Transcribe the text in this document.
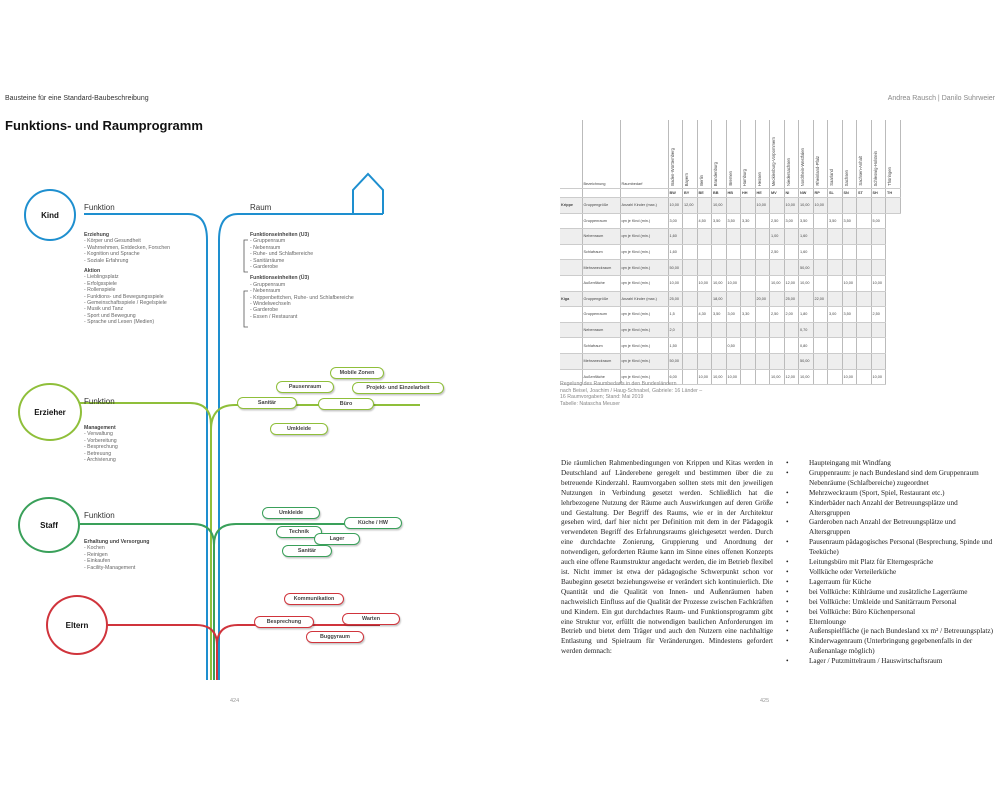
Bausteine für eine Standard-Baubeschreibung	Andrea Rausch | Danilo Suhrweier
Funktions- und Raumprogramm
Kind
Erzieher
Staff
Eltern
Funktion	Raum
Funktion
Funktion
Erziehung
- Körper und Gesundheit
- Wahrnehmen, Entdecken, Forschen
- Kognition und Sprache
- Soziale Erfahrung
Aktion
- Lieblingsplatz
- Erfolgsspiele
- Rollenspiele
- Funktions- und Bewegungsspiele
- Gemeinschaftsspiele / Regelspiele
- Musik und Tanz
- Sport und Bewegung
- Sprache und Lesen (Medien)
Funktionseinheiten (U3)
- Gruppenraum
- Nebenraum
- Ruhe- und Schlafbereiche
- Sanitärräume
- Garderobe
Funktionseinheiten (Ü3)
- Gruppenraum
- Nebenraum
- Krippenbettchen, Ruhe- und Schlafbereiche
- Windelwechseln
- Garderobe
- Essen / Restaurant
Management
- Verwaltung
- Vorbereitung
- Besprechung
- Betreuung
- Archivierung
Erhaltung und Versorgung
- Kochen
- Reinigen
- Einkaufen
- Facility-Management
Mobile Zonen
Pausenraum	Projekt- und Einzelarbeit
Sanitär	Büro
Umkleide
Umkleide
Küche / HW
Technik
Lager
Sanitär
Kommunikation
Warten
Besprechung
Buggyraum
	Bezeichnung	Raumbedarf	Baden-Württemberg	Bayern	Berlin	Brandenburg	Bremen	Hamburg	Hessen	Mecklenburg-Vorpommern	Niedersachsen	Nordrhein-Westfalen	Rheinland-Pfalz	Saarland	Sachsen	Sachsen-Anhalt	Schleswig-Holstein	Thüringen

			BW	BY	BE	BB	HB	HH	HE	MV	NI	NW	RP	SL	SN	ST	SH	TH
Krippe	Gruppengröße	Anzahl Kinder (max.)	10,00	12,00		10,00			10,00		10,00	10,00	10,00					
	Gruppenraum	qm je Kind (min.)	3,00		4,50	3,50	3,50	3,30		2,50	3,00	3,50		3,50	3,50		5,00	
	Nebenraum	qm je Kind (min.)	1,60							1,00		1,60						
	Schlafraum	qm je Kind (min.)	1,60							2,50		1,60						
	Mehrzweckraum	qm je Kind (min.)	50,00									50,00						
	Außenfläche	qm je Kind (min.)	10,00		10,00	10,00	10,00			10,00	12,00	10,00			10,00		10,00	
Kiga	Gruppengröße	Anzahl Kinder (max.)	25,00			18,00			20,00		25,00		22,00					
	Gruppenraum	qm je Kind (min.)	1,5		4,30	3,50	3,00	3,30		2,50	2,00	1,80		3,00	3,50		2,50	
	Nebenraum	qm je Kind (min.)	2,0									0,70						
	Schlafraum	qm je Kind (min.)	1,50				0,50					0,80						
	Mehrzweckraum	qm je Kind (min.)	50,00									50,00						
	Außenfläche	qm je Kind (min.)	6,00		10,00	10,00	10,00			10,00	12,00	10,00			10,00		10,00	
Regelung des Raumbedarfs in den Bundesländern
nach Beisel, Joachim / Haug-Schnabel, Gabriele: 16 Länder –
16 Raumvorgaben; Stand: Mai 2019
Tabelle: Natascha Meuser
Die räumlichen Rahmenbedingungen von Krippen und Kitas werden in Deutschland auf Länderebene geregelt und bestimmen über die zu betreuende Kinderzahl. Raumvorgaben sollten stets mit den jeweiligen Nutzungen in Verbindung gesetzt werden. Schließlich hat die lehrbezogene Nutzung der Räume auch Auswirkungen auf deren Größe und Gestaltung. Der Begriff des Raums, wie er in der Architektur gesehen wird, darf hier nicht per Definition mit dem in der Pädagogik verwendeten Begriff des Erfahrungsraums gleichgesetzt werden. Durch eine durchdachte Zonierung, Gruppierung und Anordnung der notwendigen, geforderten Räume kann im Sinne eines offenen Konzepts auch eine offene Raumstruktur angedacht werden, die im Betrieb flexibel ist. Nicht immer ist etwa der pädagogische Schwerpunkt schon vor Baubeginn gesetzt beziehungsweise er verändert sich kontinuierlich. Die Quantität und die Qualität von Innen- und Außenräumen haben nachweislich Einfluss auf die Qualität der Prozesse zwischen Fachkräften und Kindern. Ein gut durchdachtes Raum- und Funktionsprogramm gibt eine Struktur vor, erfüllt die notwendigen baulichen Anforderungen im Betrieb und bietet dem Träger und auch den Nutzern eine nachhaltige Entlastung und Spielraum für Veränderungen. Mindestens gefordert werden demnach:
• Haupteingang mit Windfang
• Gruppenraum: je nach Bundesland sind dem Gruppenraum Nebenräume (Schlafbereiche) zugeordnet
• Mehrzweckraum (Sport, Spiel, Restaurant etc.)
• Kinderbäder nach Anzahl der Betreuungsplätze und Altersgruppen
• Garderoben nach Anzahl der Betreuungsplätze und Altersgruppen
• Pausenraum pädagogisches Personal (Besprechung, Spinde und Teeküche)
• Leitungsbüro mit Platz für Elterngespräche
• Vollküche oder Verteilerküche
• Lagerraum für Küche
• bei Vollküche: Kühlräume und zusätzliche Lagerräume
• bei Vollküche: Umkleide und Sanitärraum Personal
• bei Vollküche: Büro Küchenpersonal
• Elternlounge
• Außenspielfläche (je nach Bundesland xx m² / Betreuungsplatz)
• Kinderwagenraum (Unterbringung gegebenenfalls in der Außenanlage möglich)
• Lager / Putzmittelraum / Hauswirtschaftsraum
424	425
